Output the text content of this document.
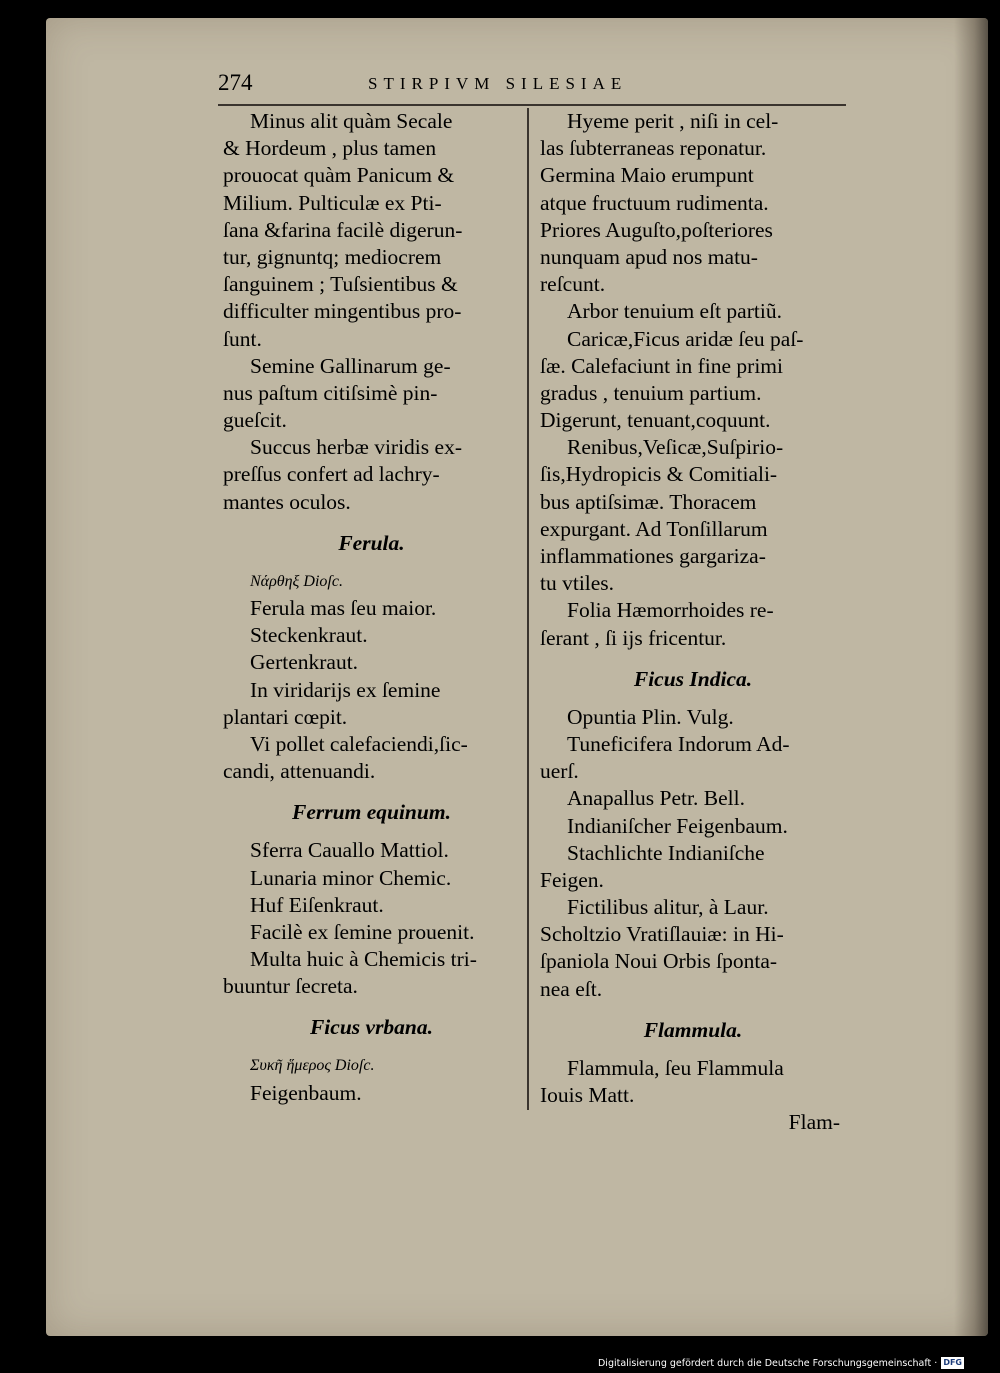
274	STIRPIVM SILESIAE
Minus alit quàm Secale
& Hordeum , plus tamen
prouocat quàm Panicum &
Milium. Pulticulæ ex Pti-
ſana &farina facilè digerun-
tur, gignuntq; mediocrem
ſanguinem ; Tuſsientibus &
difficulter mingentibus pro-
ſunt.
Semine Gallinarum ge-
nus paſtum citiſsimè pin-
gueſcit.
Succus herbæ viridis ex-
preſſus confert ad lachry-
mantes oculos.
Ferula.
Νάρθηξ Dioſc.
Ferula mas ſeu maior.
Steckenkraut.
Gertenkraut.
In viridarijs ex ſemine
plantari cœpit.
Vi pollet calefaciendi,ſic-
candi, attenuandi.
Ferrum equinum.
Sferra Cauallo Mattiol.
Lunaria minor Chemic.
Huf Eiſenkraut.
Facilè ex ſemine prouenit.
Multa huic à Chemicis tri-
buuntur ſecreta.
Ficus vrbana.
Συκῆ ἥμερος Dioſc.
Feigenbaum.
Hyeme perit , niſi in cel-
las ſubterraneas reponatur.
Germina Maio erumpunt
atque fructuum rudimenta.
Priores Auguſto,poſteriores
nunquam apud nos matu-
reſcunt.
Arbor tenuium eſt partiũ.
Caricæ,Ficus aridæ ſeu paſ-
ſæ. Calefaciunt in fine primi
gradus , tenuium partium.
Digerunt, tenuant,coquunt.
Renibus,Veſicæ,Suſpirio-
ſis,Hydropicis & Comitiali-
bus aptiſsimæ. Thoracem
expurgant. Ad Tonſillarum
inflammationes gargariza-
tu vtiles.
Folia Hæmorrhoides re-
ſerant , ſi ijs fricentur.
Ficus Indica.
Opuntia Plin. Vulg.
Tuneficifera Indorum Ad-
uerſ.
Anapallus Petr. Bell.
Indianiſcher Feigenbaum.
Stachlichte Indianiſche
Feigen.
Fictilibus alitur, à Laur.
Scholtzio Vratiſlauiæ: in Hi-
ſpaniola Noui Orbis ſponta-
nea eſt.
Flammula.
Flammula, ſeu Flammula
Iouis Matt.
Flam-
Digitalisierung gefördert durch die Deutsche Forschungsgemeinschaft · DFG
